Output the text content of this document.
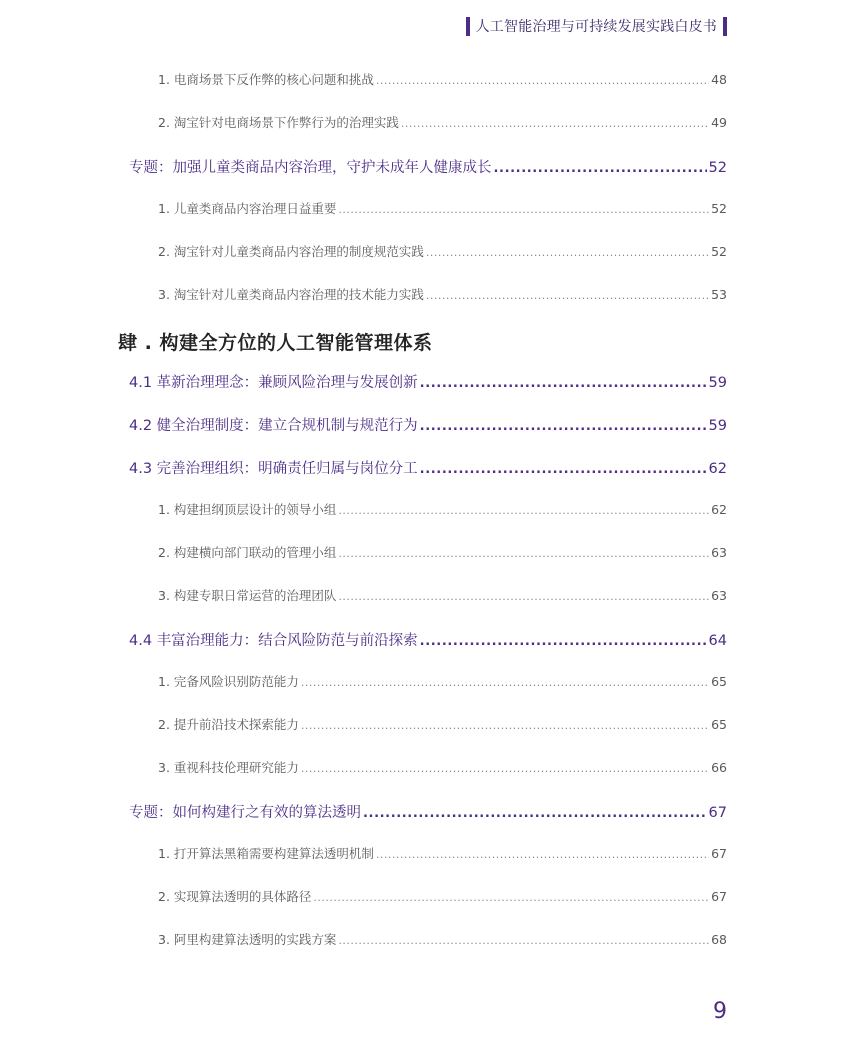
人工智能治理与可持续发展实践白皮书
1. 电商场景下反作弊的核心问题和挑战 .....	48
2. 淘宝针对电商场景下作弊行为的治理实践 .....	49
专题：加强儿童类商品内容治理，守护未成年人健康成长 .....	52
1. 儿童类商品内容治理日益重要 .....	52
2. 淘宝针对儿童类商品内容治理的制度规范实践 .....	52
3. 淘宝针对儿童类商品内容治理的技术能力实践 .....	53
肆 . 构建全方位的人工智能管理体系
4.1 革新治理理念：兼顾风险治理与发展创新 .....	59
4.2 健全治理制度：建立合规机制与规范行为 .....	59
4.3 完善治理组织：明确责任归属与岗位分工 .....	62
1. 构建担纲顶层设计的领导小组 .....	62
2. 构建横向部门联动的管理小组 .....	63
3. 构建专职日常运营的治理团队 .....	63
4.4 丰富治理能力：结合风险防范与前沿探索 .....	64
1. 完备风险识别防范能力 .....	65
2. 提升前沿技术探索能力 .....	65
3. 重视科技伦理研究能力 .....	66
专题：如何构建行之有效的算法透明 .....	67
1. 打开算法黑箱需要构建算法透明机制 .....	67
2. 实现算法透明的具体路径 .....	67
3. 阿里构建算法透明的实践方案 .....	68
9
